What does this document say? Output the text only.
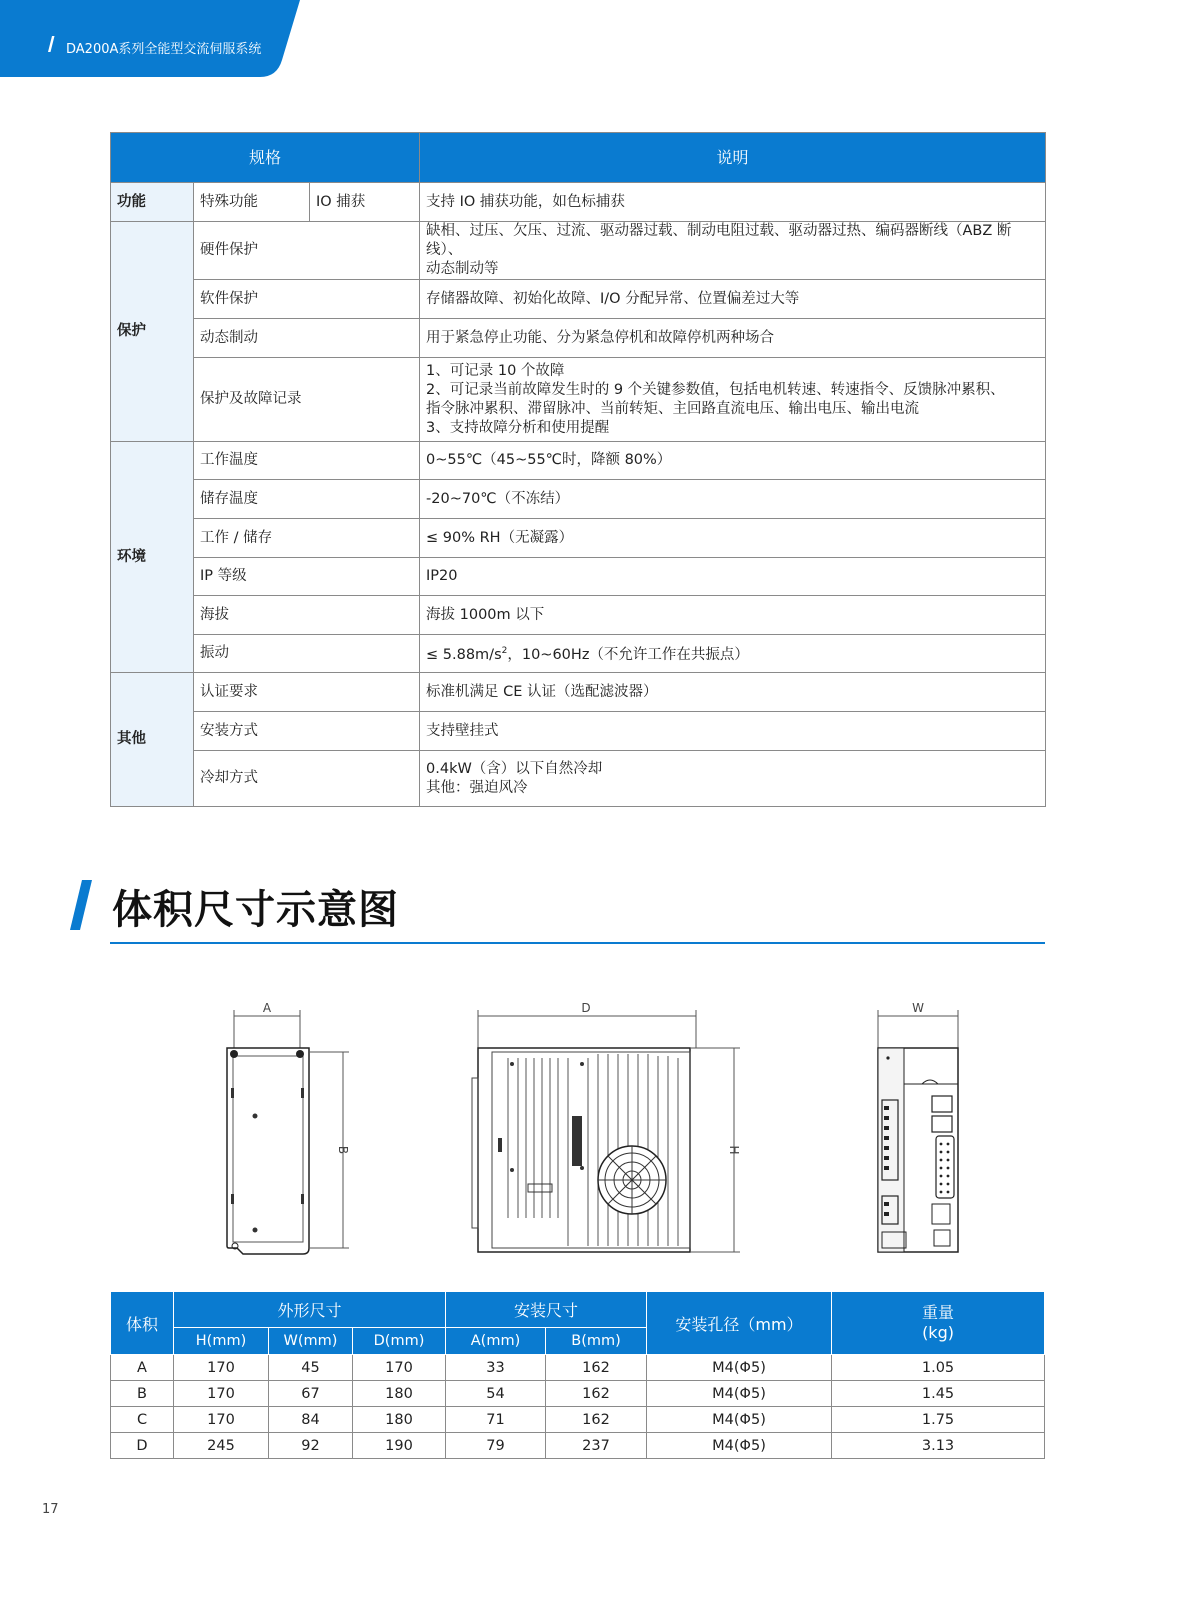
DA200A系列全能型交流伺服系统
规格			说明
功能	特殊功能	IO 捕获	支持 IO 捕获功能，如色标捕获
保护	硬件保护		缺相、过压、欠压、过流、驱动器过载、制动电阻过载、驱动器过热、编码器断线（ABZ 断线）、
动态制动等
	软件保护		存储器故障、初始化故障、I/O 分配异常、位置偏差过大等
	动态制动		用于紧急停止功能、分为紧急停机和故障停机两种场合
	保护及故障记录		1、可记录 10 个故障
2、可记录当前故障发生时的 9 个关键参数值，包括电机转速、转速指令、反馈脉冲累积、
指令脉冲累积、滞留脉冲、当前转矩、主回路直流电压、输出电压、输出电流
3、支持故障分析和使用提醒
环境	工作温度		0~55℃（45~55℃时，降额 80%）
	储存温度		-20~70℃（不冻结）
	工作 / 储存		≤ 90% RH（无凝露）
	IP 等级		IP20
	海拔		海拔 1000m 以下
	振动		≤ $5.88m/s^2$，10~60Hz（不允许工作在共振点）
其他	认证要求		标准机满足 CE 认证（选配滤波器）
	安装方式		支持壁挂式
	冷却方式		0.4kW（含）以下自然冷却
其他：强迫风冷
体积尺寸示意图
A
B
D
H
W
体积	外形尺寸			安装尺寸		安装孔径（mm）	重量
(kg)
	H(mm)	W(mm)	D(mm)	A(mm)	B(mm)		
A	170	45	170	33	162	M4(Φ5)	1.05
B	170	67	180	54	162	M4(Φ5)	1.45
C	170	84	180	71	162	M4(Φ5)	1.75
D	245	92	190	79	237	M4(Φ5)	3.13
17
